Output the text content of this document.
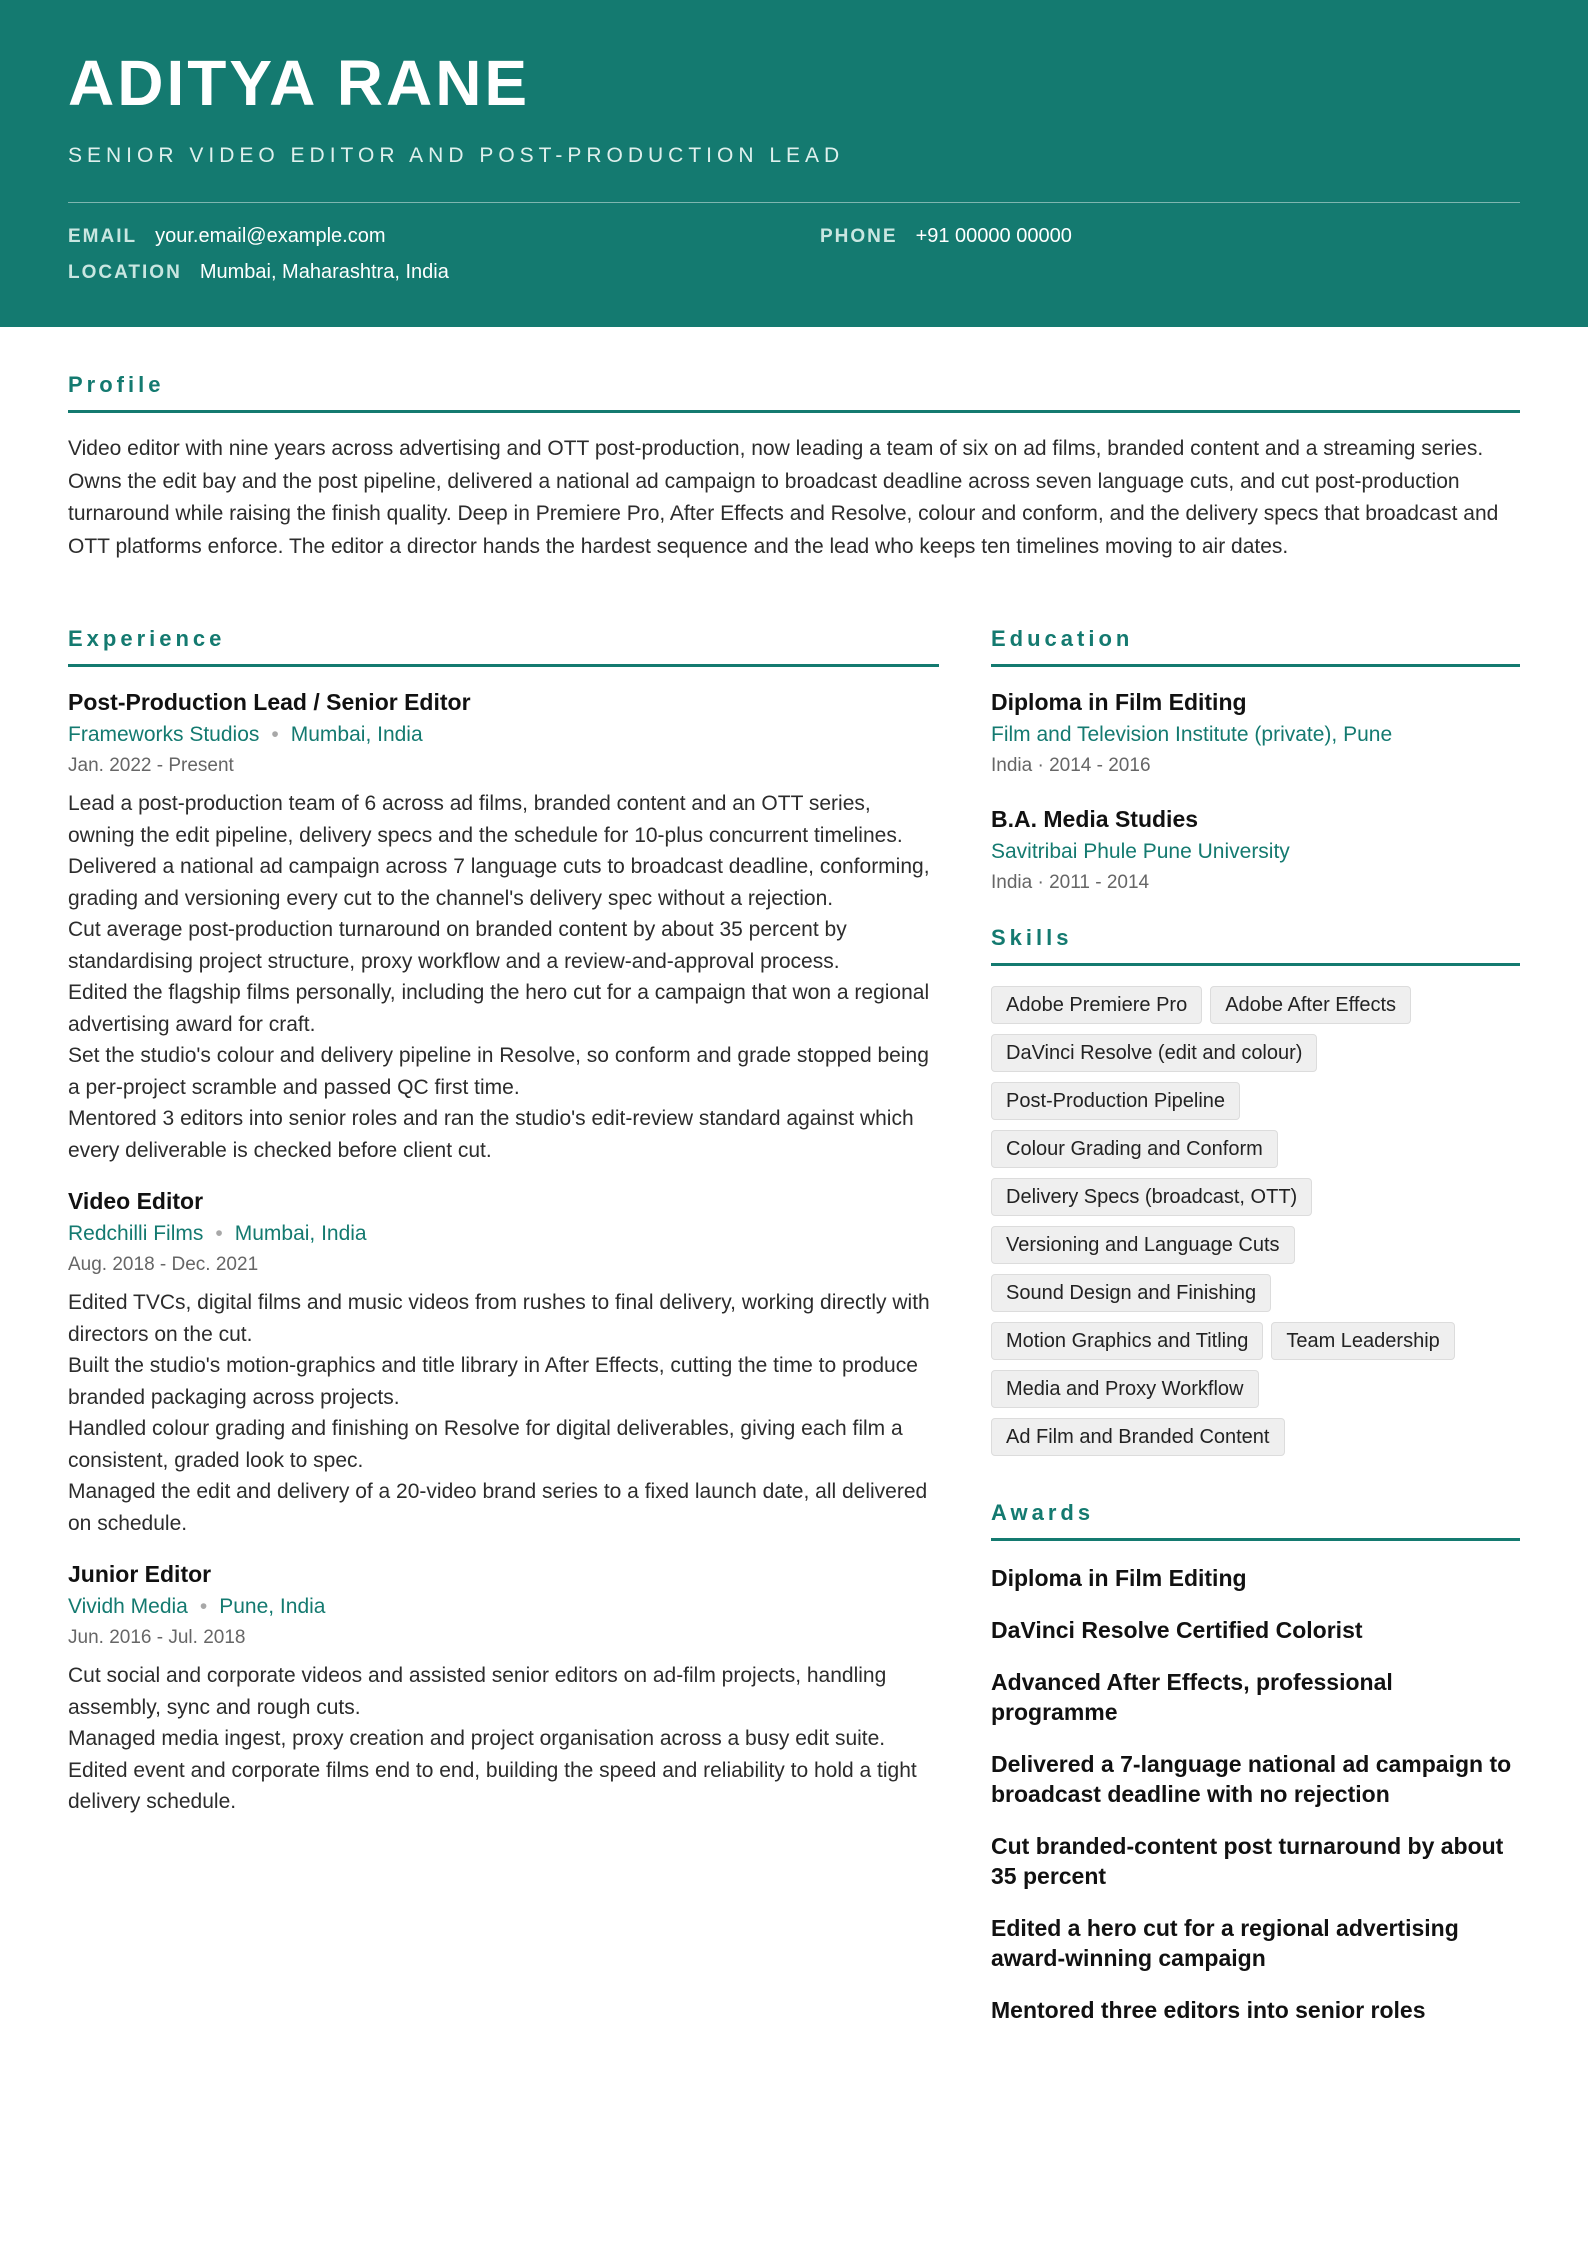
ADITYA RANE
SENIOR VIDEO EDITOR AND POST-PRODUCTION LEAD
EMAIL your.email@example.com	PHONE +91 00000 00000
LOCATION Mumbai, Maharashtra, India
Profile
Video editor with nine years across advertising and OTT post-production, now leading a team of six on ad films, branded content and a streaming series. Owns the edit bay and the post pipeline, delivered a national ad campaign to broadcast deadline across seven language cuts, and cut post-production turnaround while raising the finish quality. Deep in Premiere Pro, After Effects and Resolve, colour and conform, and the delivery specs that broadcast and OTT platforms enforce. The editor a director hands the hardest sequence and the lead who keeps ten timelines moving to air dates.
Experience
Post-Production Lead / Senior Editor
Frameworks Studios • Mumbai, India
Jan. 2022 - Present
Lead a post-production team of 6 across ad films, branded content and an OTT series, owning the edit pipeline, delivery specs and the schedule for 10-plus concurrent timelines.
Delivered a national ad campaign across 7 language cuts to broadcast deadline, conforming, grading and versioning every cut to the channel's delivery spec without a rejection.
Cut average post-production turnaround on branded content by about 35 percent by standardising project structure, proxy workflow and a review-and-approval process.
Edited the flagship films personally, including the hero cut for a campaign that won a regional advertising award for craft.
Set the studio's colour and delivery pipeline in Resolve, so conform and grade stopped being a per-project scramble and passed QC first time.
Mentored 3 editors into senior roles and ran the studio's edit-review standard against which every deliverable is checked before client cut.
Video Editor
Redchilli Films • Mumbai, India
Aug. 2018 - Dec. 2021
Edited TVCs, digital films and music videos from rushes to final delivery, working directly with directors on the cut.
Built the studio's motion-graphics and title library in After Effects, cutting the time to produce branded packaging across projects.
Handled colour grading and finishing on Resolve for digital deliverables, giving each film a consistent, graded look to spec.
Managed the edit and delivery of a 20-video brand series to a fixed launch date, all delivered on schedule.
Junior Editor
Vividh Media • Pune, India
Jun. 2016 - Jul. 2018
Cut social and corporate videos and assisted senior editors on ad-film projects, handling assembly, sync and rough cuts.
Managed media ingest, proxy creation and project organisation across a busy edit suite.
Edited event and corporate films end to end, building the speed and reliability to hold a tight delivery schedule.
Education
Diploma in Film Editing
Film and Television Institute (private), Pune
India · 2014 - 2016
B.A. Media Studies
Savitribai Phule Pune University
India · 2011 - 2014
Skills
Adobe Premiere Pro	Adobe After Effects
DaVinci Resolve (edit and colour)
Post-Production Pipeline
Colour Grading and Conform
Delivery Specs (broadcast, OTT)
Versioning and Language Cuts
Sound Design and Finishing
Motion Graphics and Titling	Team Leadership
Media and Proxy Workflow
Ad Film and Branded Content
Awards
Diploma in Film Editing
DaVinci Resolve Certified Colorist
Advanced After Effects, professional programme
Delivered a 7-language national ad campaign to broadcast deadline with no rejection
Cut branded-content post turnaround by about 35 percent
Edited a hero cut for a regional advertising award-winning campaign
Mentored three editors into senior roles
